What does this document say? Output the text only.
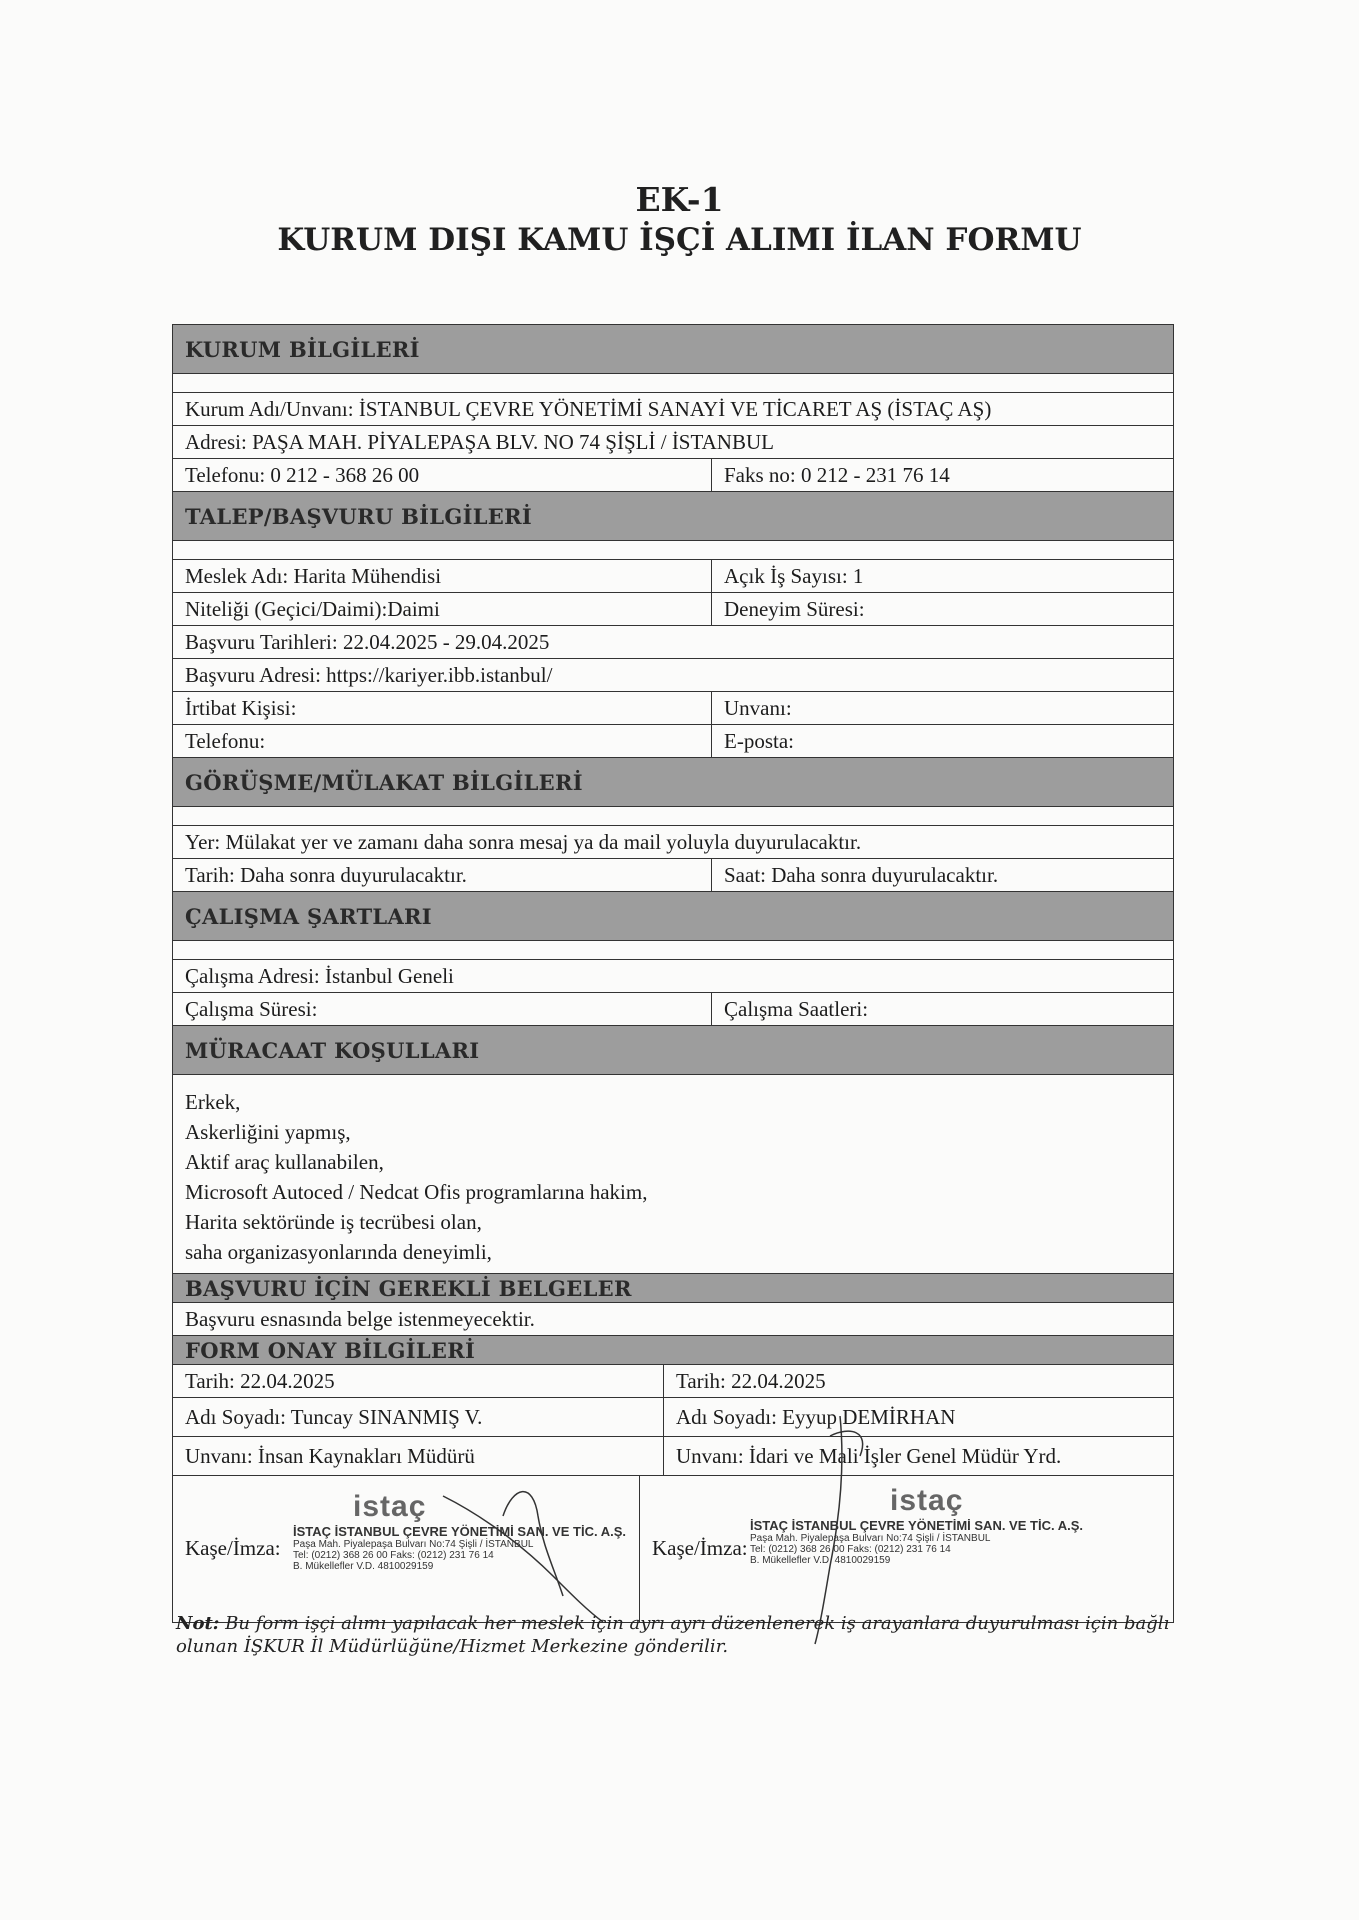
EK-1
KURUM DIŞI KAMU İŞÇİ ALIMI İLAN FORMU
KURUM BİLGİLERİ
Kurum Adı/Unvanı: İSTANBUL ÇEVRE YÖNETİMİ SANAYİ VE TİCARET AŞ (İSTAÇ AŞ)
Adresi: PAŞA MAH. PİYALEPAŞA BLV. NO 74 ŞİŞLİ / İSTANBUL
Telefonu: 0 212 - 368 26 00	Faks no: 0 212 - 231 76 14
TALEP/BAŞVURU BİLGİLERİ
Meslek Adı: Harita Mühendisi	Açık İş Sayısı: 1
Niteliği (Geçici/Daimi):Daimi	Deneyim Süresi:
Başvuru Tarihleri: 22.04.2025 - 29.04.2025
Başvuru Adresi: https://kariyer.ibb.istanbul/
İrtibat Kişisi:	Unvanı:
Telefonu:	E-posta:
GÖRÜŞME/MÜLAKAT BİLGİLERİ
Yer: Mülakat yer ve zamanı daha sonra mesaj ya da mail yoluyla duyurulacaktır.
Tarih: Daha sonra duyurulacaktır.	Saat: Daha sonra duyurulacaktır.
ÇALIŞMA ŞARTLARI
Çalışma Adresi: İstanbul Geneli
Çalışma Süresi:	Çalışma Saatleri:
MÜRACAAT KOŞULLARI
Erkek,
Askerliğini yapmış,
Aktif araç kullanabilen,
Microsoft Autoced / Nedcat Ofis programlarına hakim,
Harita sektöründe iş tecrübesi olan,
saha organizasyonlarında deneyimli,
BAŞVURU İÇİN GEREKLİ BELGELER
Başvuru esnasında belge istenmeyecektir.
FORM ONAY BİLGİLERİ
Tarih: 22.04.2025	Tarih: 22.04.2025
Adı Soyadı: Tuncay SINANMIŞ V.	Adı Soyadı: Eyyup DEMİRHAN
Unvanı: İnsan Kaynakları Müdürü	Unvanı: İdari ve Mali İşler Genel Müdür Yrd.
Kaşe/İmza:
istaç
İSTAÇ İSTANBUL ÇEVRE YÖNETİMİ SAN. VE TİC. A.Ş.
Paşa Mah. Piyalepaşa Bulvarı No:74 Şişli / İSTANBUL
Tel: (0212) 368 26 00 Faks: (0212) 231 76 14
B. Mükellefler V.D. 4810029159
Kaşe/İmza:
istaç
İSTAÇ İSTANBUL ÇEVRE YÖNETİMİ SAN. VE TİC. A.Ş.
Paşa Mah. Piyalepaşa Bulvarı No:74 Şişli / İSTANBUL
Tel: (0212) 368 26 00 Faks: (0212) 231 76 14
B. Mükellefler V.D. 4810029159
Not: Bu form işçi alımı yapılacak her meslek için ayrı ayrı düzenlenerek iş arayanlara duyurulması için bağlı olunan İŞKUR İl Müdürlüğüne/Hizmet Merkezine gönderilir.
